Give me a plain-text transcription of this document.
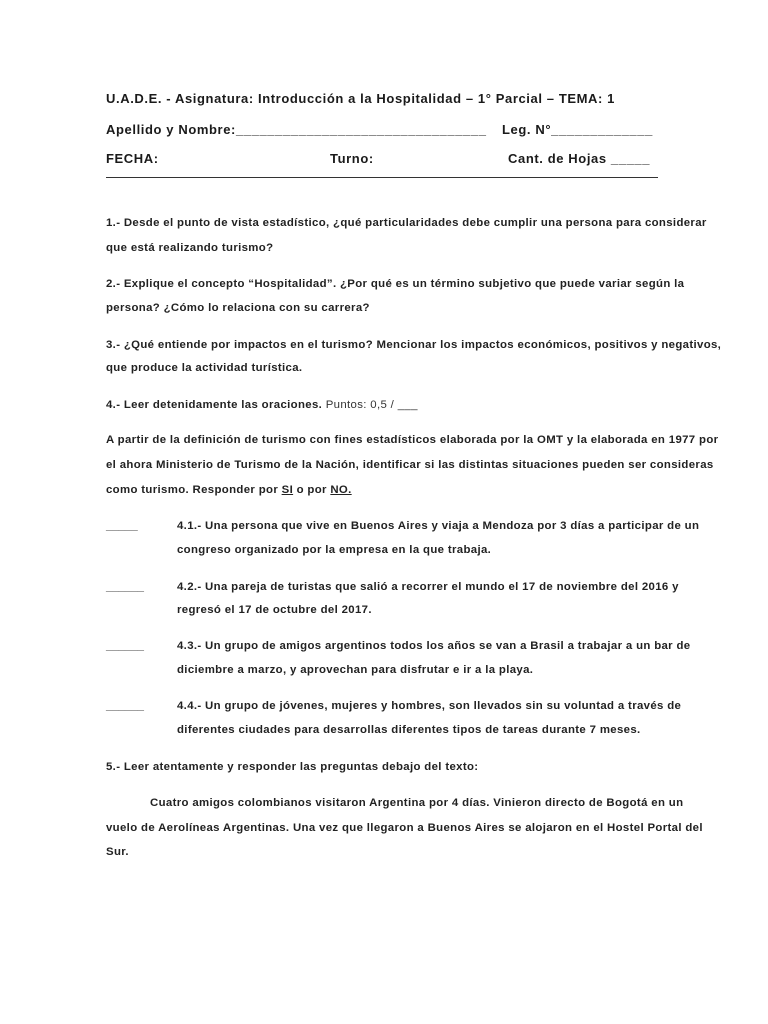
U.A.D.E. - Asignatura: Introducción a la Hospitalidad – 1° Parcial – TEMA: 1
Apellido y Nombre:________________________________ Leg. N°_____________
FECHA:	Turno:	Cant. de Hojas _____
1.- Desde el punto de vista estadístico, ¿qué particularidades debe cumplir una persona para considerar
que está realizando turismo?
2.- Explique el concepto “Hospitalidad”. ¿Por qué es un término subjetivo que puede variar según la
persona? ¿Cómo lo relaciona con su carrera?
3.- ¿Qué entiende por impactos en el turismo? Mencionar los impactos económicos, positivos y negativos,
que produce la actividad turística.
4.- Leer detenidamente las oraciones. Puntos: 0,5 / ___
A partir de la definición de turismo con fines estadísticos elaborada por la OMT y la elaborada en 1977 por
el ahora Ministerio de Turismo de la Nación, identificar si las distintas situaciones pueden ser consideras
como turismo. Responder por SI o por NO.
_____	4.1.- Una persona que vive en Buenos Aires y viaja a Mendoza por 3 días a participar de un
congreso organizado por la empresa en la que trabaja.
______	4.2.- Una pareja de turistas que salió a recorrer el mundo el 17 de noviembre del 2016 y
regresó el 17 de octubre del 2017.
______	4.3.- Un grupo de amigos argentinos todos los años se van a Brasil a trabajar a un bar de
diciembre a marzo, y aprovechan para disfrutar e ir a la playa.
______	4.4.- Un grupo de jóvenes, mujeres y hombres, son llevados sin su voluntad a través de
diferentes ciudades para desarrollas diferentes tipos de tareas durante 7 meses.
5.- Leer atentamente y responder las preguntas debajo del texto:
Cuatro amigos colombianos visitaron Argentina por 4 días. Vinieron directo de Bogotá en un
vuelo de Aerolíneas Argentinas. Una vez que llegaron a Buenos Aires se alojaron en el Hostel Portal del
Sur.
